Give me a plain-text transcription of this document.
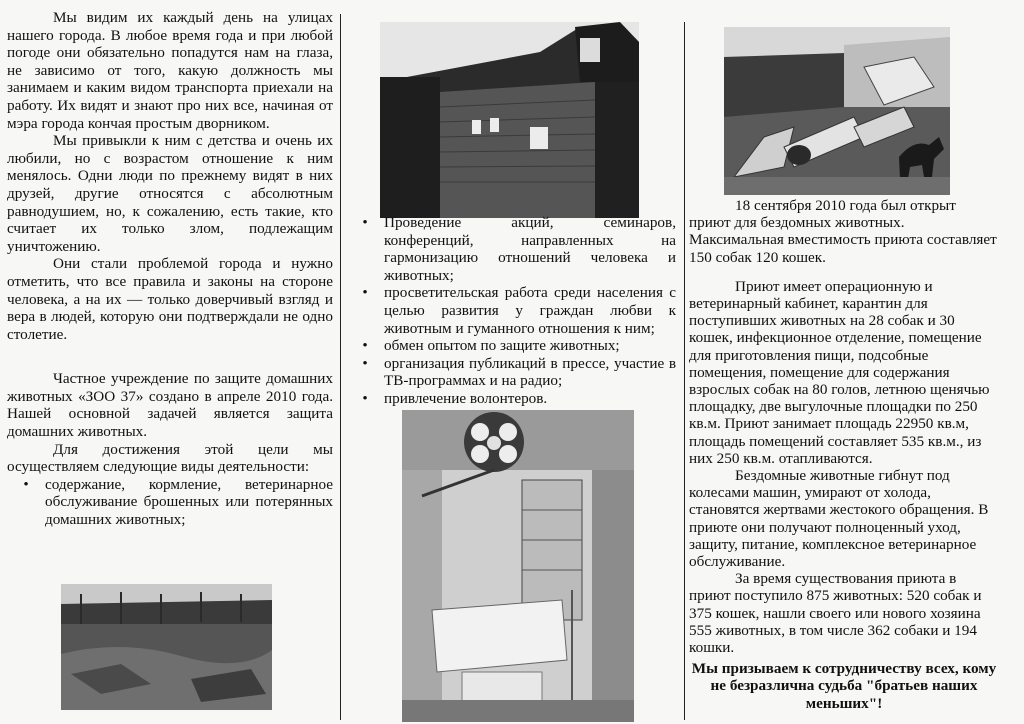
Мы видим их каждый день на улицах нашего города. В любое время года и при любой погоде они обязательно попадутся нам на глаза, не зависимо от того, какую должность мы занимаем и каким видом транспорта приехали на работу. Их видят и знают про них все, начиная от мэра города кончая простым дворником.

Мы привыкли к ним с детства и очень их любили, но с возрастом отношение к ним менялось. Одни люди по прежнему видят в них друзей, другие относятся с абсолютным равнодушием, но, к сожалению, есть такие, кто считает их только злом, подлежащим уничтожению.

Они стали проблемой города и нужно отметить, что все правила и законы на стороне человека, а на их — только доверчивый взгляд и вера в людей, которую они подтверждали не одно столетие.

Частное учреждение по защите домашних животных «ЗОО 37» создано в апреле 2010 года. Нашей основной задачей является защита домашних животных.

Для достижения этой цели мы осуществляем следующие виды деятельности:

•	содержание, кормление, ветеринарное обслуживание брошенных или потерянных домашних животных;
•	Проведение акций, семинаров, конференций, направленных на гармонизацию отношений человека и животных;
•	просветительская работа среди населения с целью развития у граждан любви к животным и гуманного отношения к ним;
•	обмен опытом по защите животных;
•	организация публикаций в прессе, участие в ТВ-программах и на радио;
•	привлечение волонтеров.

18 сентября 2010 года был открыт приют для бездомных животных. Максимальная вместимость приюта составляет 150 собак 120 кошек.

Приют имеет операционную и ветеринарный кабинет, карантин для поступивших животных на 28 собак и 30 кошек, инфекционное отделение, помещение для приготовления пищи, подсобные помещения, помещение для содержания взрослых собак на 80 голов, летнюю щенячью площадку, две выгулочные площадки по 250 кв.м. Приют занимает площадь 22950 кв.м, площадь помещений составляет 535 кв.м., из них 250 кв.м. отапливаются.

Бездомные животные гибнут под колесами машин, умирают от холода, становятся жертвами жестокого обращения. В приюте они получают полноценный уход, защиту, питание, комплексное ветеринарное обслуживание.

За время существования приюта в приют поступило 875 животных: 520 собак и 375 кошек, нашли своего или нового хозяина 555 животных, в том числе 362 собаки и 194 кошки.

Мы призываем к сотрудничеству всех, кому не безразлична судьба "братьев наших меньших"!
